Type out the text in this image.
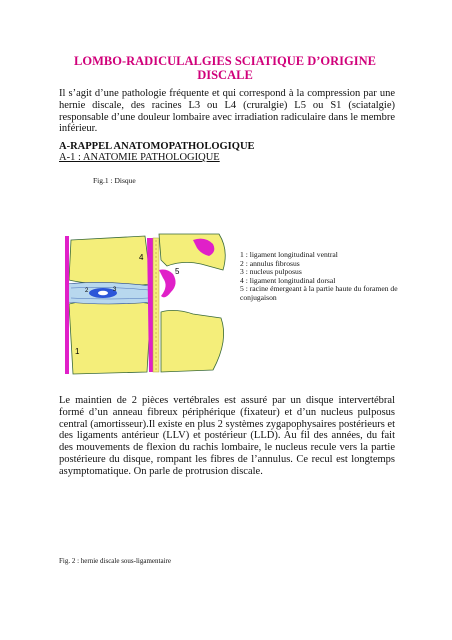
LOMBO-RADICULALGIES SCIATIQUE D’ORIGINE DISCALE

Il s’agit d’une pathologie fréquente et qui correspond à la compression par une hernie discale, des racines L3 ou L4 (cruralgie) L5 ou S1 (sciatalgie) responsable d’une douleur lombaire avec irradiation radiculaire dans le membre inférieur.

A-RAPPEL ANATOMOPATHOLOGIQUE

A-1 : ANATOMIE PATHOLOGIQUE

Fig.1 : Disque

4
1
2	3
5
1 : ligament longitudinal ventral
2 : annulus fibrosus
3 : nucleus pulposus
4 : ligament longitudinal dorsal
5 : racine émergeant à la partie haute du foramen de conjugaison

Le maintien de 2 pièces vertébrales est assuré par un disque intervertébral formé d’un anneau fibreux périphérique (fixateur) et d’un nucleus pulposus central (amortisseur).Il existe en plus 2 systèmes zygapophysaires postérieurs et des ligaments antérieur (LLV) et postérieur (LLD). Au fil des années, du fait des mouvements de flexion du rachis lombaire, le nucleus recule vers la partie postérieure du disque, rompant les fibres de l’annulus. Ce recul est longtemps asymptomatique. On parle de protrusion discale.

Fig. 2 : hernie discale sous-ligamentaire
